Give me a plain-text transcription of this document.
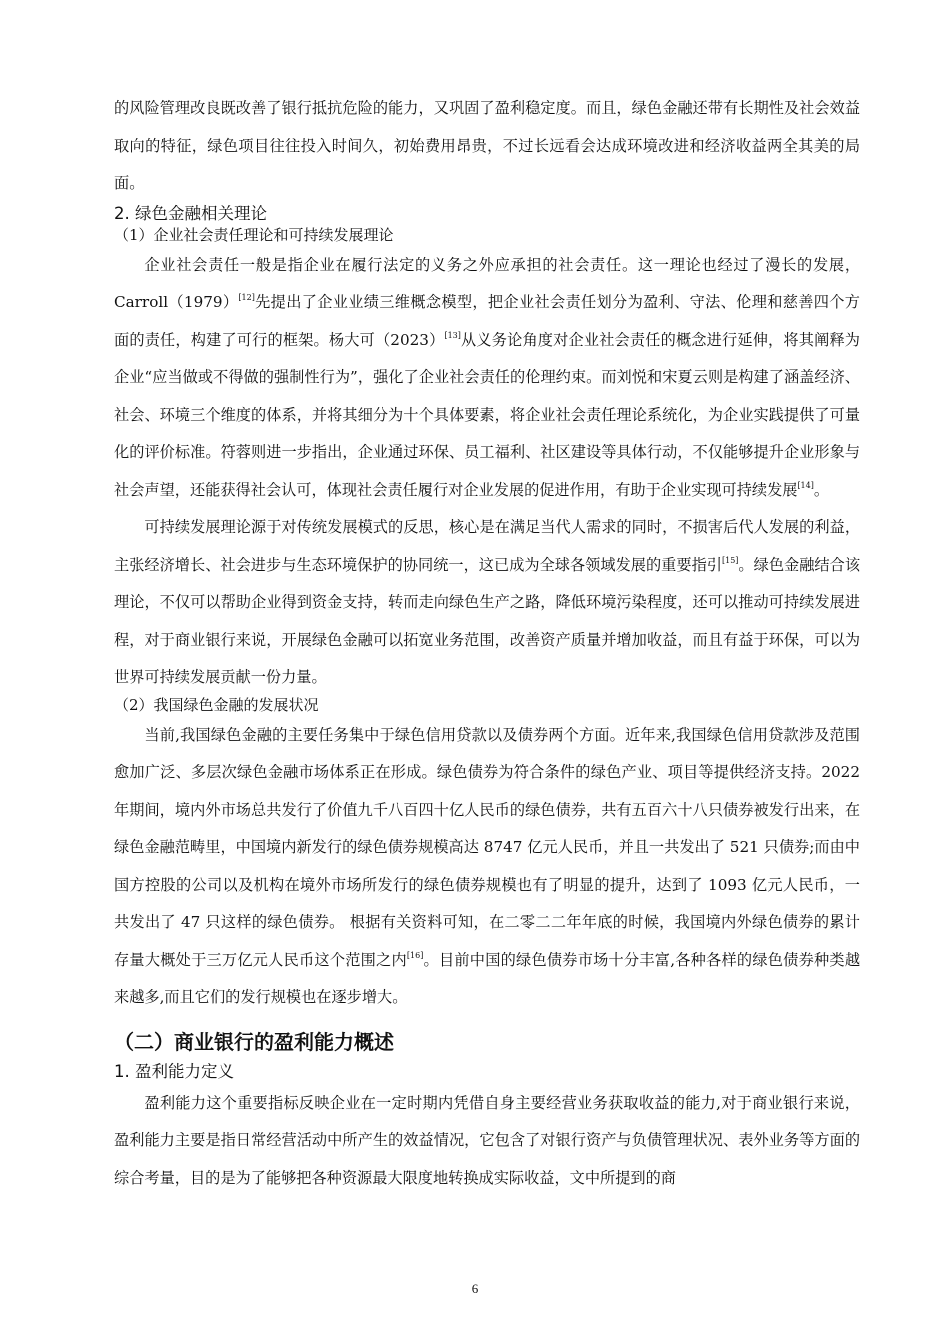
的风险管理改良既改善了银行抵抗危险的能力，又巩固了盈利稳定度。而且，绿色金融还带有长期性及社会效益取向的特征，绿色项目往往投入时间久，初始费用昂贵，不过长远看会达成环境改进和经济收益两全其美的局面。

2. 绿色金融相关理论

（1）企业社会责任理论和可持续发展理论

企业社会责任一般是指企业在履行法定的义务之外应承担的社会责任。这一理论也经过了漫长的发展，Carroll（1979）[12]先提出了企业业绩三维概念模型，把企业社会责任划分为盈利、守法、伦理和慈善四个方面的责任，构建了可行的框架。杨大可（2023）[13]从义务论角度对企业社会责任的概念进行延伸，将其阐释为企业“应当做或不得做的强制性行为”，强化了企业社会责任的伦理约束。而刘悦和宋夏云则是构建了涵盖经济、社会、环境三个维度的体系，并将其细分为十个具体要素，将企业社会责任理论系统化，为企业实践提供了可量化的评价标准。符蓉则进一步指出，企业通过环保、员工福利、社区建设等具体行动，不仅能够提升企业形象与社会声望，还能获得社会认可，体现社会责任履行对企业发展的促进作用，有助于企业实现可持续发展[14]。

可持续发展理论源于对传统发展模式的反思，核心是在满足当代人需求的同时，不损害后代人发展的利益，主张经济增长、社会进步与生态环境保护的协同统一，这已成为全球各领域发展的重要指引[15]。绿色金融结合该理论，不仅可以帮助企业得到资金支持，转而走向绿色生产之路，降低环境污染程度，还可以推动可持续发展进程，对于商业银行来说，开展绿色金融可以拓宽业务范围，改善资产质量并增加收益，而且有益于环保，可以为世界可持续发展贡献一份力量。

（2）我国绿色金融的发展状况

当前,我国绿色金融的主要任务集中于绿色信用贷款以及债券两个方面。近年来,我国绿色信用贷款涉及范围愈加广泛、多层次绿色金融市场体系正在形成。绿色债券为符合条件的绿色产业、项目等提供经济支持。2022 年期间，境内外市场总共发行了价值九千八百四十亿人民币的绿色债券，共有五百六十八只债券被发行出来，在绿色金融范畴里，中国境内新发行的绿色债券规模高达 8747 亿元人民币，并且一共发出了 521 只债券;而由中国方控股的公司以及机构在境外市场所发行的绿色债券规模也有了明显的提升，达到了 1093 亿元人民币，一共发出了 47 只这样的绿色债券。 根据有关资料可知，在二零二二年年底的时候，我国境内外绿色债券的累计存量大概处于三万亿元人民币这个范围之内[16]。目前中国的绿色债券市场十分丰富,各种各样的绿色债券种类越来越多,而且它们的发行规模也在逐步增大。

（二）商业银行的盈利能力概述
1. 盈利能力定义

盈利能力这个重要指标反映企业在一定时期内凭借自身主要经营业务获取收益的能力,对于商业银行来说，盈利能力主要是指日常经营活动中所产生的效益情况，它包含了对银行资产与负债管理状况、表外业务等方面的综合考量，目的是为了能够把各种资源最大限度地转换成实际收益，文中所提到的商

6
